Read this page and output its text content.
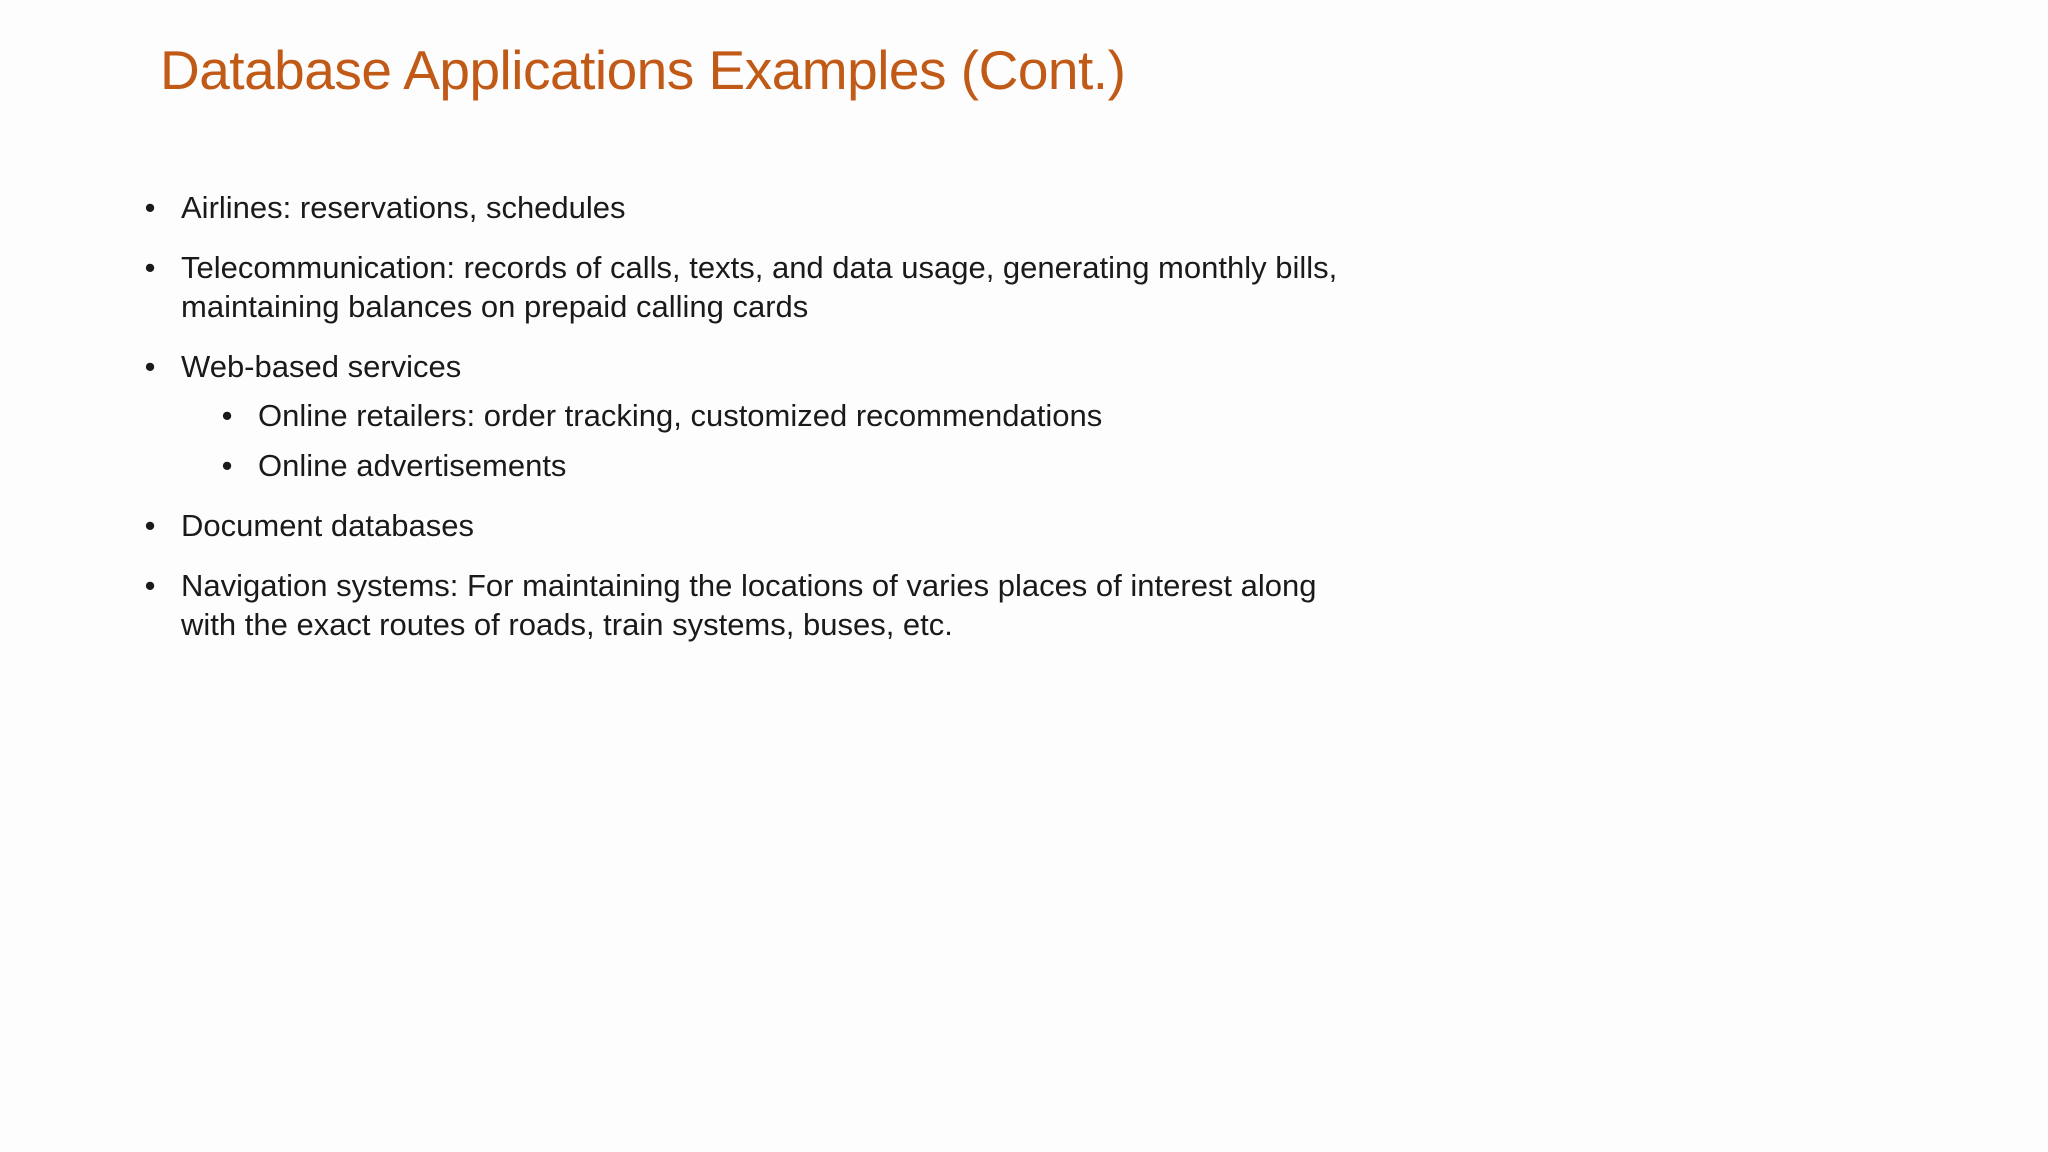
Database Applications Examples (Cont.)
• Airlines: reservations, schedules
• Telecommunication: records of calls, texts, and data usage, generating monthly bills, maintaining balances on prepaid calling cards
• Web-based services
• Online retailers: order tracking, customized recommendations
• Online advertisements
• Document databases
• Navigation systems: For maintaining the locations of varies places of interest along with the exact routes of roads, train systems, buses, etc.
